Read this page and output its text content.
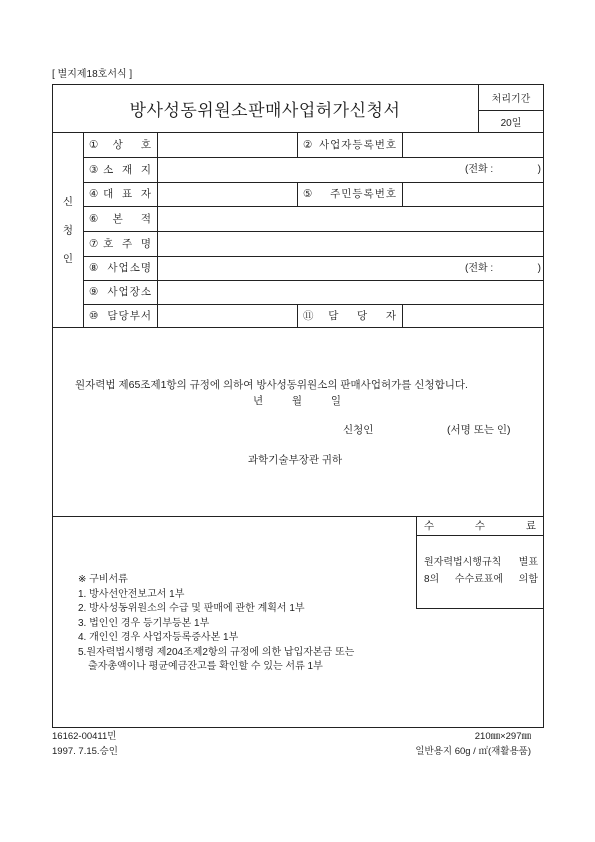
[ 별지제18호서식 ]
방사성동위원소판매사업허가신청서
처리기간
20일
신청인
①상 호	②사업자등록번호
③소 재 지	(전화 :                )
④대 표 자	⑤주민등록번호
⑥본 적
⑦호 주 명
⑧사업소명	(전화 :                )
⑨사업장소
⑩담당부서	⑪담 당 자
원자력법 제65조제1항의 규정에 의하여 방사성동위원소의 판매사업허가를 신청합니다.
년 월 일
신청인	(서명 또는 인)
과학기술부장관 귀하
수 수 료
원자력법시행규칙 별표
8의 수수료표에 의함
※ 구비서류
1. 방사선안전보고서 1부
2. 방사성동위원소의 수급 및 판매에 관한 계획서 1부
3. 법인인 경우 등기부등본 1부
4. 개인인 경우 사업자등록증사본 1부
5.원자력법시행령 제204조제2항의 규정에 의한 납입자본금 또는
출자총액이나 평균예금잔고를 확인할 수 있는 서류 1부
16162-00411민
1997. 7.15.승인
210㎜×297㎜
일반용지 60g / ㎡(재활용품)
